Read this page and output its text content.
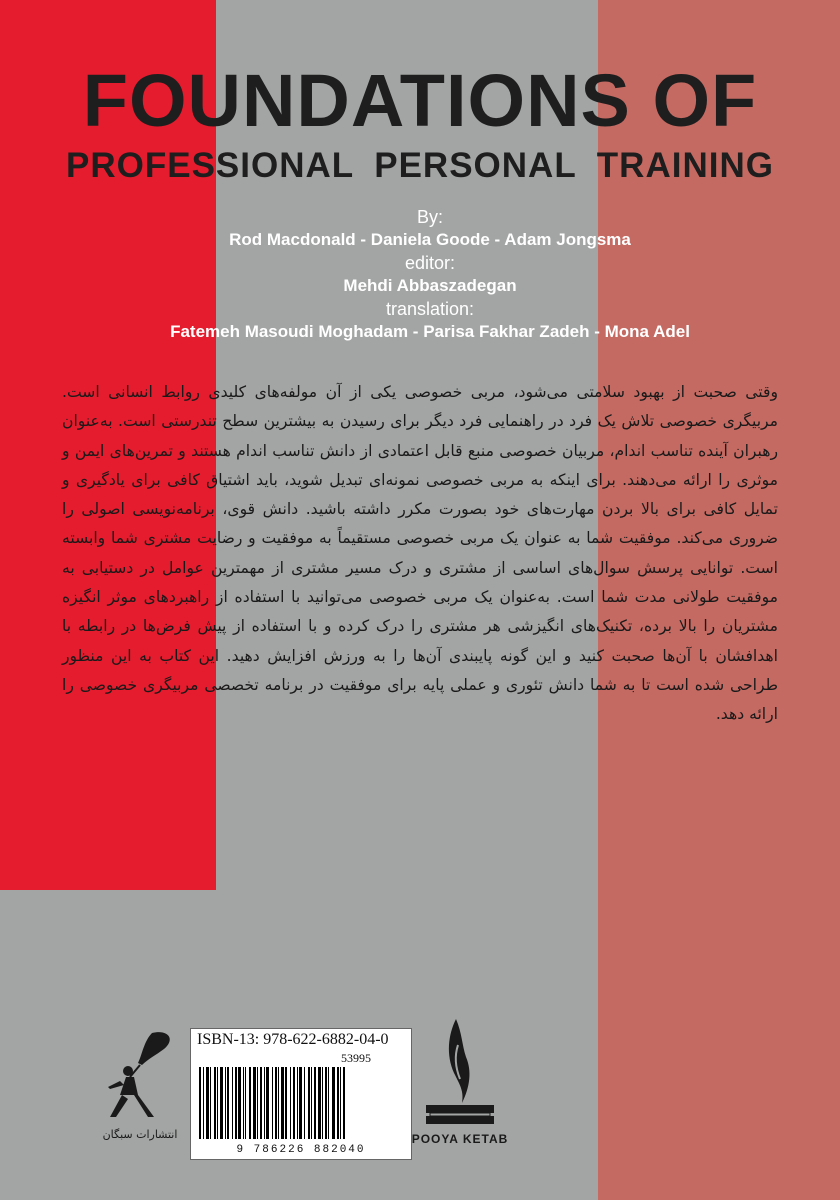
FOUNDATIONS OF
PROFESSIONAL PERSONAL TRAINING
By:
Rod Macdonald - Daniela Goode - Adam Jongsma
editor:
Mehdi Abbaszadegan
translation:
Fatemeh Masoudi Moghadam - Parisa Fakhar Zadeh - Mona Adel
وقتی صحبت از بهبود سلامتی می‌شود، مربی خصوصی یکی از آن مولفه‌های کلیدی روابط انسانی است. مربیگری خصوصی تلاش یک فرد در راهنمایی فرد دیگر برای رسیدن به بیشترین سطح تندرستی است. به‌عنوان رهبران آینده تناسب اندام، مربیان خصوصی منبع قابل اعتمادی از دانش تناسب اندام هستند و تمرین‌های ایمن و موثری را ارائه می‌دهند. برای اینکه به مربی خصوصی نمونه‌ای تبدیل شوید، باید اشتیاق کافی برای یادگیری و تمایل کافی برای بالا بردن مهارت‌های خود بصورت مکرر داشته باشید. دانش قوی، برنامه‌نویسی اصولی را ضروری می‌کند. موفقیت شما به عنوان یک مربی خصوصی مستقیماً به موفقیت و رضایت مشتری شما وابسته است. توانایی پرسش سوال‌های اساسی از مشتری و درک مسیر مشتری از مهمترین عوامل در دستیابی به موفقیت طولانی مدت شما است. به‌عنوان یک مربی خصوصی می‌توانید با استفاده از راهبردهای موثر انگیزه مشتریان را بالا برده، تکنیک‌های انگیزشی هر مشتری را درک کرده و با استفاده از پیش فرض‌ها در رابطه با اهدافشان با آن‌ها صحبت کنید و این گونه پایبندی آن‌ها را به ورزش افزایش دهید. این کتاب به این منظور طراحی شده است تا به شما دانش تئوری و عملی پایه برای موفقیت در برنامه تخصصی مربیگری خصوصی را ارائه دهد.
انتشارات سبگان
ISBN-13: 978-622-6882-04-0
53995
9 786226 882040
POOYA KETAB
